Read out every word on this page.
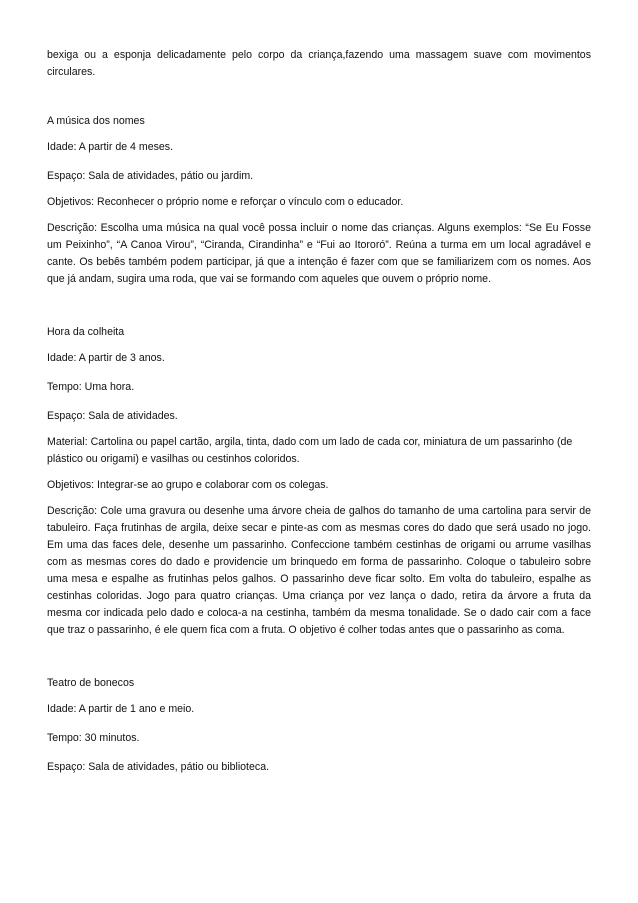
bexiga ou a esponja delicadamente pelo corpo da criança,fazendo uma massagem suave com movimentos circulares.

A música dos nomes

Idade: A partir de 4 meses.

Espaço: Sala de atividades, pátio ou jardim.

Objetivos: Reconhecer o próprio nome e reforçar o vínculo com o educador.

Descrição: Escolha uma música na qual você possa incluir o nome das crianças. Alguns exemplos: “Se Eu Fosse um Peixinho”, “A Canoa Virou”, “Ciranda, Cirandinha” e “Fui ao Itororó”. Reúna a turma em um local agradável e cante. Os bebês também podem participar, já que a intenção é fazer com que se familiarizem com os nomes. Aos que já andam, sugira uma roda, que vai se formando com aqueles que ouvem o próprio nome.

Hora da colheita

Idade: A partir de 3 anos.

Tempo: Uma hora.

Espaço: Sala de atividades.

Material: Cartolina ou papel cartão, argila, tinta, dado com um lado de cada cor, miniatura de um passarinho (de plástico ou origami) e vasilhas ou cestinhos coloridos.

Objetivos: Integrar-se ao grupo e colaborar com os colegas.

Descrição: Cole uma gravura ou desenhe uma árvore cheia de galhos do tamanho de uma cartolina para servir de tabuleiro. Faça frutinhas de argila, deixe secar e pinte-as com as mesmas cores do dado que será usado no jogo. Em uma das faces dele, desenhe um passarinho. Confeccione também cestinhas de origami ou arrume vasilhas com as mesmas cores do dado e providencie um brinquedo em forma de passarinho. Coloque o tabuleiro sobre uma mesa e espalhe as frutinhas pelos galhos. O passarinho deve ficar solto. Em volta do tabuleiro, espalhe as cestinhas coloridas. Jogo para quatro crianças. Uma criança por vez lança o dado, retira da árvore a fruta da mesma cor indicada pelo dado e coloca-a na cestinha, também da mesma tonalidade. Se o dado cair com a face que traz o passarinho, é ele quem fica com a fruta. O objetivo é colher todas antes que o passarinho as coma.

Teatro de bonecos

Idade: A partir de 1 ano e meio.

Tempo: 30 minutos.

Espaço: Sala de atividades, pátio ou biblioteca.
